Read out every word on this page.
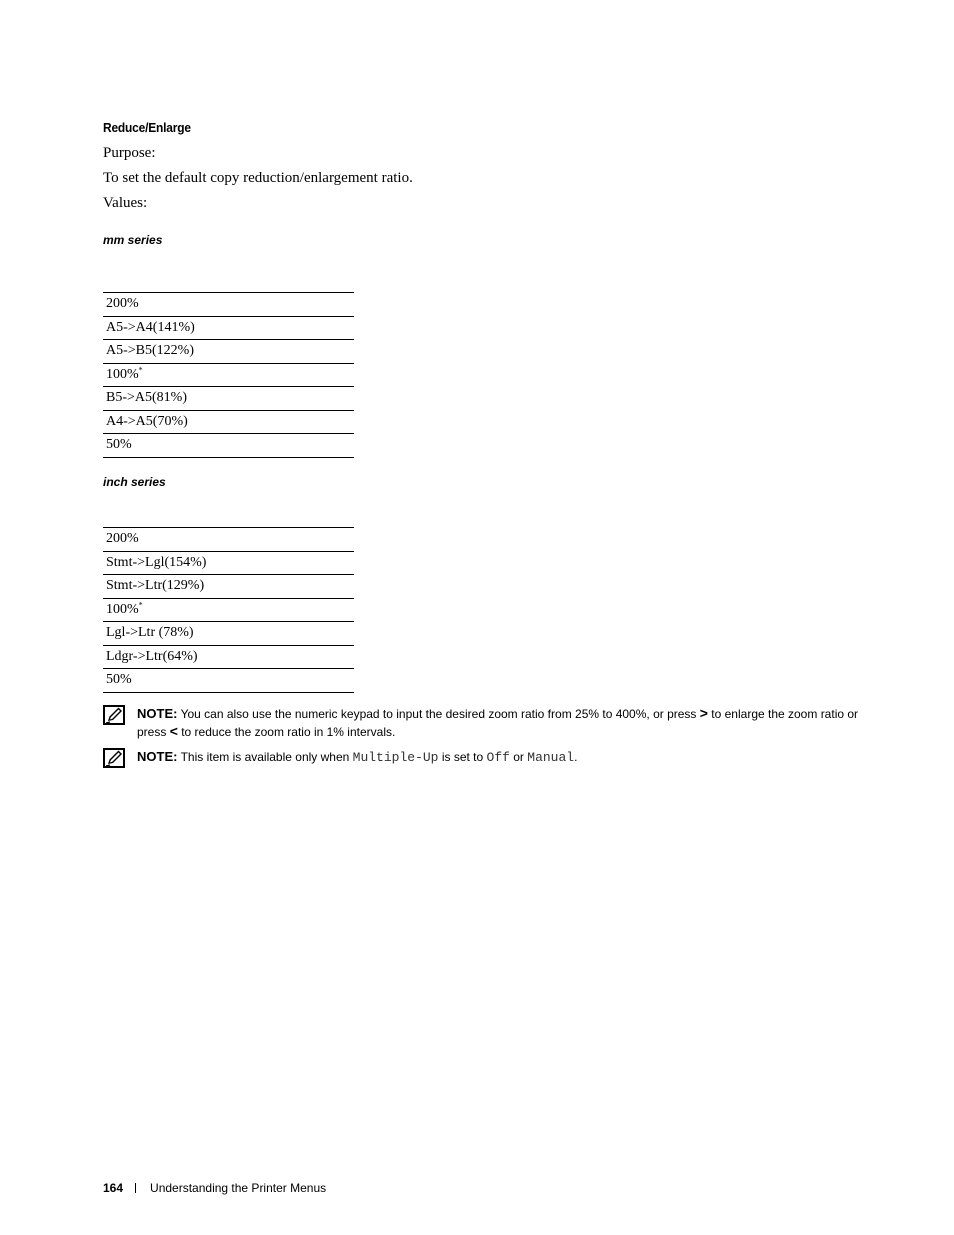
Reduce/Enlarge
Purpose:
To set the default copy reduction/enlargement ratio.
Values:
mm series
200%
A5->A4(141%)
A5->B5(122%)
100%*
B5->A5(81%)
A4->A5(70%)
50%
inch series
200%
Stmt->Lgl(154%)
Stmt->Ltr(129%)
100%*
Lgl->Ltr (78%)
Ldgr->Ltr(64%)
50%
NOTE: You can also use the numeric keypad to input the desired zoom ratio from 25% to 400%, or press > to enlarge the zoom ratio or press < to reduce the zoom ratio in 1% intervals.
NOTE: This item is available only when Multiple-Up is set to Off or Manual.
164 Understanding the Printer Menus
